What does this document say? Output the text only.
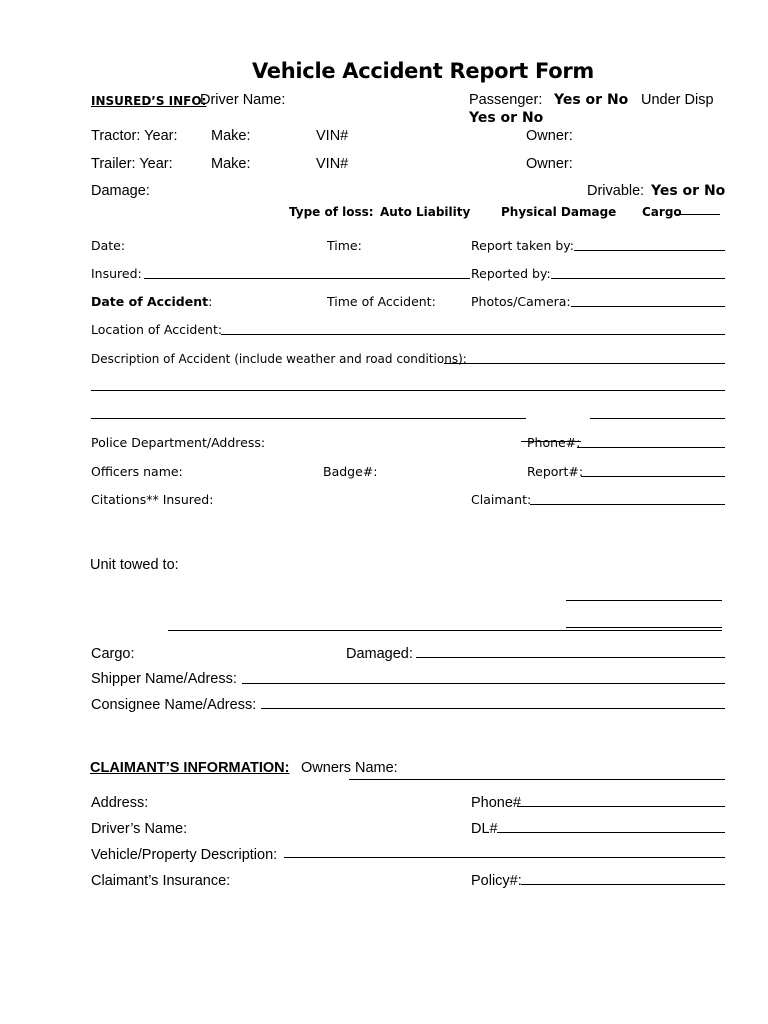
Vehicle Accident Report Form
INSURED’S INFO:
Driver Name:	Passenger: Yes or No Under Disp
Yes or No
Tractor: Year: Make:	VIN#	Owner:
Trailer: Year:	Make:	VIN#	Owner:
Damage:	Drivable: Yes or No
Type of loss: Auto Liability	Physical Damage Cargo
Date:	Time:	Report taken by:
Insured:	Reported by:
Date of Accident:	Time of Accident:	Photos/Camera:
Location of Accident:
Description of Accident (include weather and road conditions):
Police Department/Address:	Phone#:
Officers name:	Badge#:	Report#:
Citations** Insured:	Claimant:
Unit towed to:
Cargo:	Damaged:
Shipper Name/Adress:
Consignee Name/Adress:
CLAIMANT’S INFORMATION: Owners Name:
Address:	Phone#
Driver’s Name:	DL#
Vehicle/Property Description:
Claimant’s Insurance:	Policy#:
